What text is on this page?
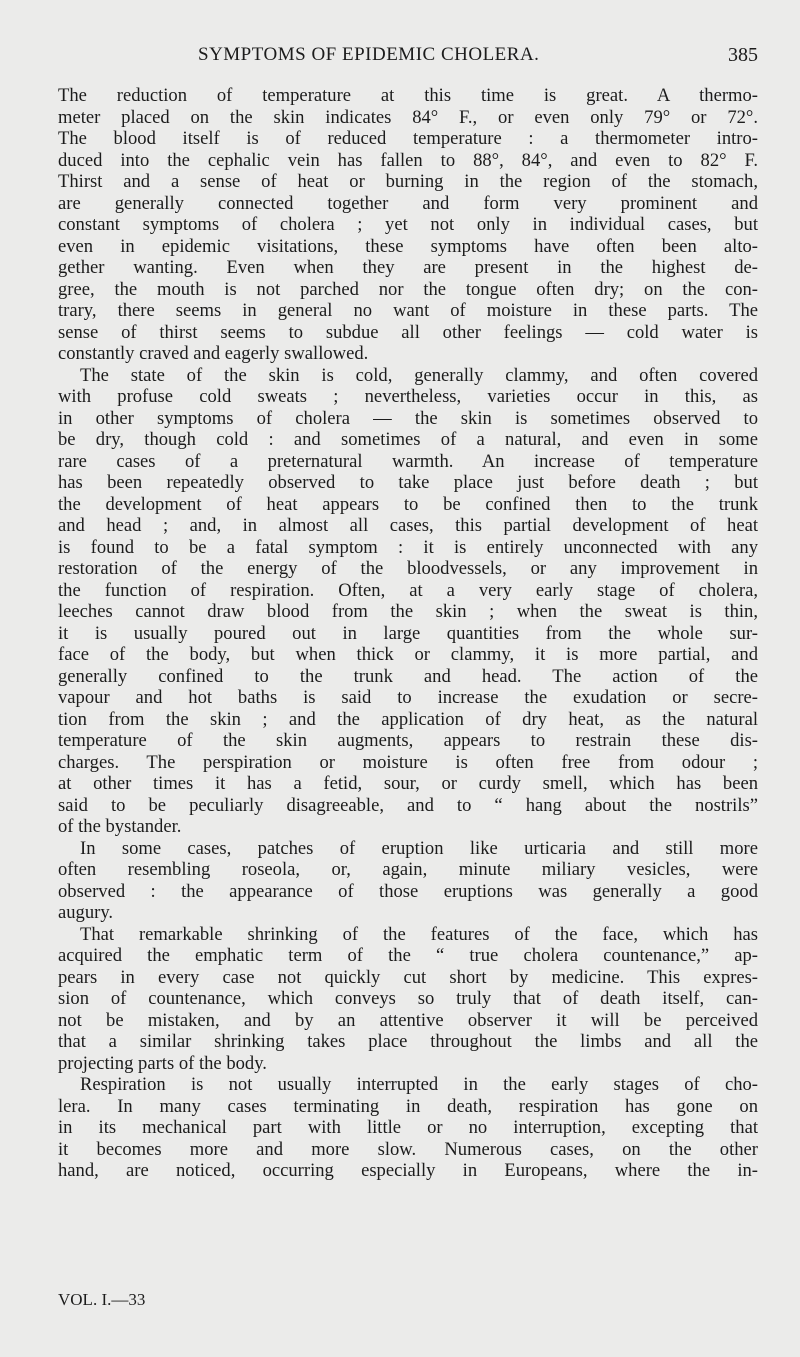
SYMPTOMS OF EPIDEMIC CHOLERA.	385
The reduction of temperature at this time is great. A thermo-
meter placed on the skin indicates 84° F., or even only 79° or 72°.
The blood itself is of reduced temperature : a thermometer intro-
duced into the cephalic vein has fallen to 88°, 84°, and even to 82° F.
Thirst and a sense of heat or burning in the region of the stomach,
are generally connected together and form very prominent and
constant symptoms of cholera ; yet not only in individual cases, but
even in epidemic visitations, these symptoms have often been alto-
gether wanting. Even when they are present in the highest de-
gree, the mouth is not parched nor the tongue often dry; on the con-
trary, there seems in general no want of moisture in these parts. The
sense of thirst seems to subdue all other feelings — cold water is
constantly craved and eagerly swallowed.
The state of the skin is cold, generally clammy, and often covered
with profuse cold sweats ; nevertheless, varieties occur in this, as
in other symptoms of cholera — the skin is sometimes observed to
be dry, though cold : and sometimes of a natural, and even in some
rare cases of a preternatural warmth. An increase of temperature
has been repeatedly observed to take place just before death ; but
the development of heat appears to be confined then to the trunk
and head ; and, in almost all cases, this partial development of heat
is found to be a fatal symptom : it is entirely unconnected with any
restoration of the energy of the bloodvessels, or any improvement in
the function of respiration. Often, at a very early stage of cholera,
leeches cannot draw blood from the skin ; when the sweat is thin,
it is usually poured out in large quantities from the whole sur-
face of the body, but when thick or clammy, it is more partial, and
generally confined to the trunk and head. The action of the
vapour and hot baths is said to increase the exudation or secre-
tion from the skin ; and the application of dry heat, as the natural
temperature of the skin augments, appears to restrain these dis-
charges. The perspiration or moisture is often free from odour ;
at other times it has a fetid, sour, or curdy smell, which has been
said to be peculiarly disagreeable, and to “ hang about the nostrils”
of the bystander.
In some cases, patches of eruption like urticaria and still more
often resembling roseola, or, again, minute miliary vesicles, were
observed : the appearance of those eruptions was generally a good
augury.
That remarkable shrinking of the features of the face, which has
acquired the emphatic term of the “ true cholera countenance,” ap-
pears in every case not quickly cut short by medicine. This expres-
sion of countenance, which conveys so truly that of death itself, can-
not be mistaken, and by an attentive observer it will be perceived
that a similar shrinking takes place throughout the limbs and all the
projecting parts of the body.
Respiration is not usually interrupted in the early stages of cho-
lera. In many cases terminating in death, respiration has gone on
in its mechanical part with little or no interruption, excepting that
it becomes more and more slow. Numerous cases, on the other
hand, are noticed, occurring especially in Europeans, where the in-
VOL. I.—33
